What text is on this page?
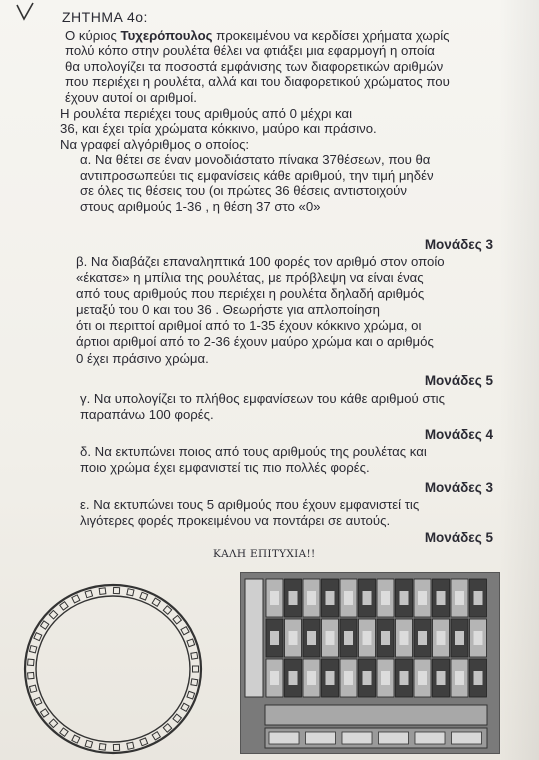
ΖΗΤΗΜΑ 4ο:
Ο κύριος Τυχερόπουλος προκειμένου να κερδίσει χρήματα χωρίς
πολύ κόπο στην ρουλέτα θέλει να φτιάξει μια εφαρμογή η οποία
θα υπολογίζει τα ποσοστά εμφάνισης των διαφορετικών αριθμών
που περιέχει η ρουλέτα, αλλά και του διαφορετικού χρώματος που
έχουν αυτοί οι αριθμοί.
Η ρουλέτα περιέχει τους αριθμούς από 0 μέχρι και
36, και έχει τρία χρώματα κόκκινο, μαύρο και πράσινο.
Να γραφεί αλγόριθμος ο οποίος:
α. Να θέτει σε έναν μονοδιάστατο πίνακα 37θέσεων, που θα
αντιπροσωπεύει τις εμφανίσεις κάθε αριθμού, την τιμή μηδέν
σε όλες τις θέσεις του (οι πρώτες 36 θέσεις αντιστοιχούν
στους αριθμούς 1-36 , η θέση 37 στο «0»
Μονάδες 3
β. Να διαβάζει επαναληπτικά 100 φορές τον αριθμό στον οποίο
«έκατσε» η μπίλια της ρουλέτας, με πρόβλεψη να είναι ένας
από τους αριθμούς που περιέχει η ρουλέτα δηλαδή αριθμός
μεταξύ του 0 και του 36 . Θεωρήστε για απλοποίηση
ότι οι περιττοί αριθμοί από το 1-35 έχουν κόκκινο χρώμα, οι
άρτιοι αριθμοί από το 2-36 έχουν μαύρο χρώμα και ο αριθμός
0 έχει πράσινο χρώμα.
Μονάδες 5
γ. Να υπολογίζει το πλήθος εμφανίσεων του κάθε αριθμού στις
παραπάνω 100 φορές.
Μονάδες 4
δ. Να εκτυπώνει ποιος από τους αριθμούς της ρουλέτας και
ποιο χρώμα έχει εμφανιστεί τις πιο πολλές φορές.
Μονάδες 3
ε. Να εκτυπώνει τους 5 αριθμούς που έχουν εμφανιστεί τις
λιγότερες φορές προκειμένου να ποντάρει σε αυτούς.
Μονάδες 5
ΚΑΛΗ ΕΠΙΤΥΧΙΑ!!
